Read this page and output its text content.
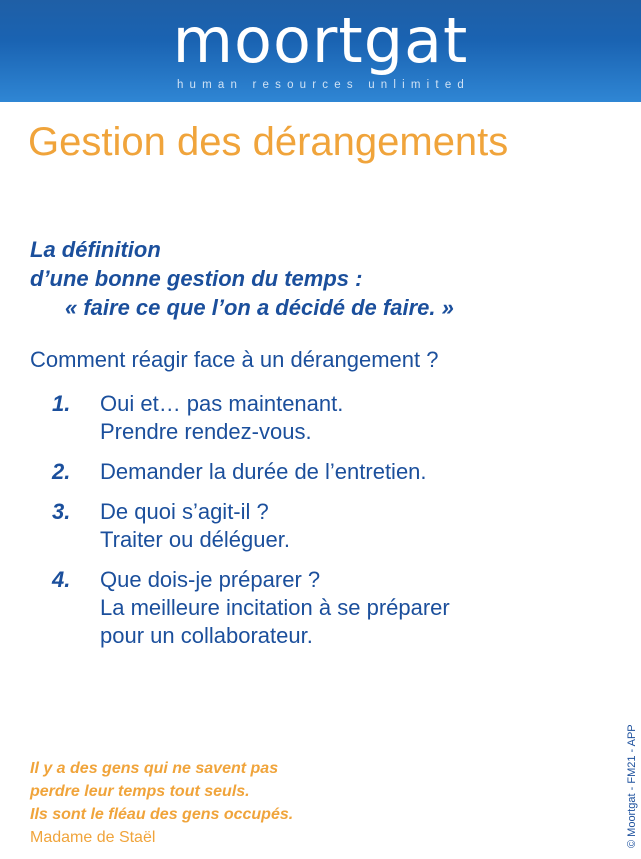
moortgat
human resources unlimited
Gestion des dérangements
La définition
d’une bonne gestion du temps :
« faire ce que l’on a décidé de faire. »
Comment réagir face à un dérangement ?
1.	Oui et… pas maintenant.
Prendre rendez-vous.
2.	Demander la durée de l’entretien.
3.	De quoi s’agit-il ?
Traiter ou déléguer.
4.	Que dois-je préparer ?
La meilleure incitation à se préparer
pour un collaborateur.
Il y a des gens qui ne savent pas
perdre leur temps tout seuls.
Ils sont le fléau des gens occupés.
Madame de Staël	© Moortgat - FM21 - APP
